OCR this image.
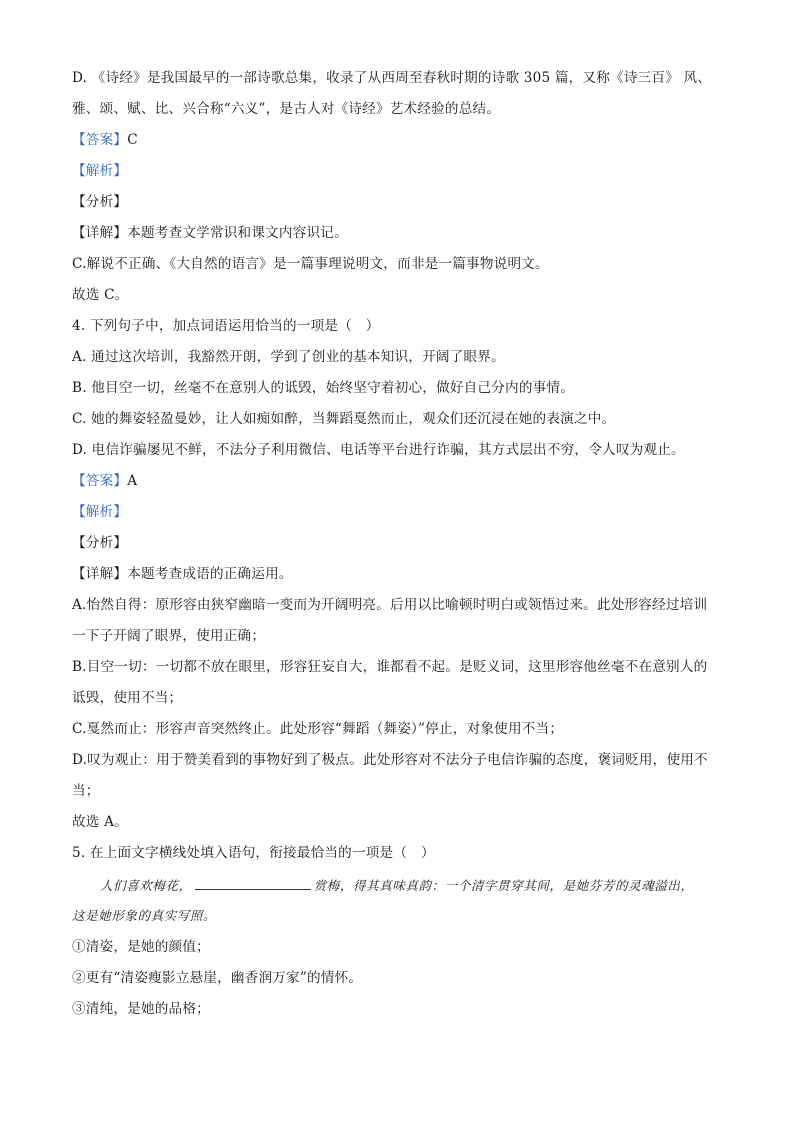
D. 《诗经》是我国最早的一部诗歌总集，收录了从西周至春秋时期的诗歌 305 篇，又称《诗三百》 风、
雅、颂、赋、比、兴合称“六义”，是古人对《诗经》艺术经验的总结。
【答案】C
【解析】
【分析】
【详解】本题考查文学常识和课文内容识记。
C.解说不正确、《大自然的语言》是一篇事理说明文，而非是一篇事物说明文。
故选 C。
4. 下列句子中，加点词语运用恰当的一项是（　）
A. 通过这次培训，我豁然开朗，学到了创业的基本知识，开阔了眼界。
B. 他目空一切，丝毫不在意别人的诋毁，始终坚守着初心，做好自己分内的事情。
C. 她的舞姿轻盈曼妙，让人如痴如醉，当舞蹈戛然而止，观众们还沉浸在她的表演之中。
D. 电信诈骗屡见不鲜，不法分子利用微信、电话等平台进行诈骗，其方式层出不穷，令人叹为观止。
【答案】A
【解析】
【分析】
【详解】本题考查成语的正确运用。
A.怡然自得：原形容由狭窄幽暗一变而为开阔明亮。后用以比喻顿时明白或领悟过来。此处形容经过培训
一下子开阔了眼界，使用正确；
B.目空一切：一切都不放在眼里，形容狂妄自大，谁都看不起。是贬义词，这里形容他丝毫不在意别人的
诋毁，使用不当；
C.戛然而止：形容声音突然终止。此处形容“舞蹈（舞姿）”停止，对象使用不当；
D.叹为观止：用于赞美看到的事物好到了极点。此处形容对不法分子电信诈骗的态度，褒词贬用，使用不
当；
故选 A。
5. 在上面文字横线处填入语句，衔接最恰当的一项是（　）
人们喜欢梅花，	赏梅，得其真味真韵：一个清字贯穿其间，是她芬芳的灵魂溢出，
这是她形象的真实写照。
①清姿，是她的颜值；
②更有“清姿瘦影立悬崖，幽香润万家”的情怀。
③清纯，是她的品格；
